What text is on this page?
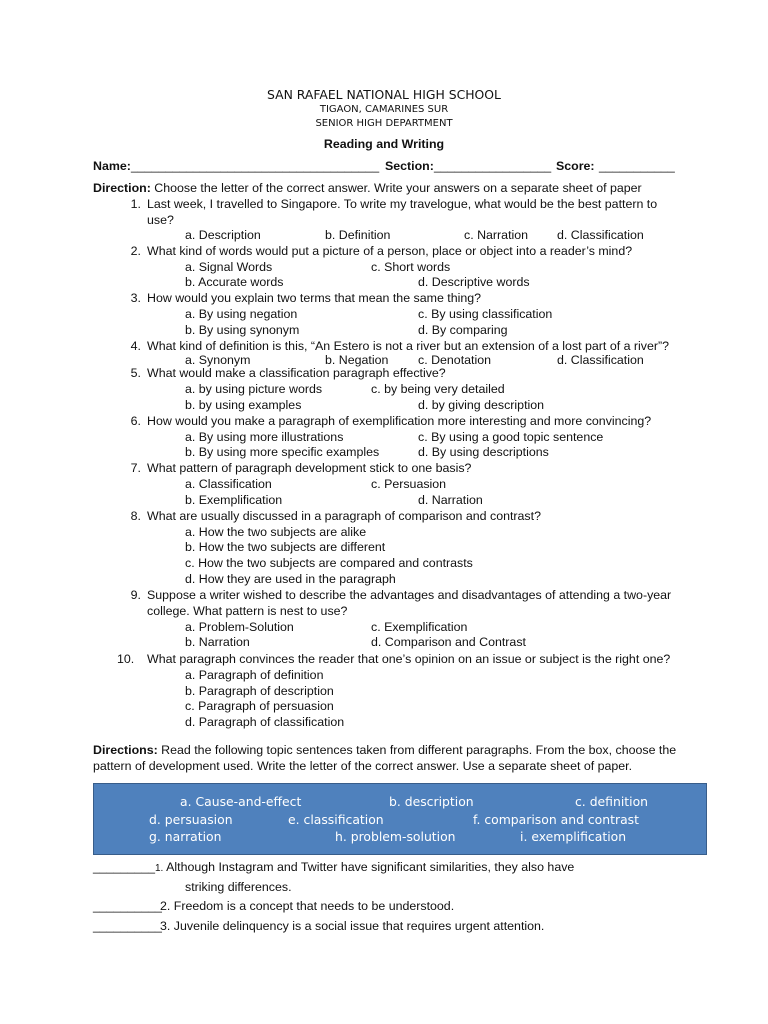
SAN RAFAEL NATIONAL HIGH SCHOOL
TIGAON, CAMARINES SUR
SENIOR HIGH DEPARTMENT
Reading and Writing
Name: ____________________________________ Section: _________________ Score: ___________
Direction: Choose the letter of the correct answer. Write your answers on a separate sheet of paper
1. Last week, I travelled to Singapore. To write my travelogue, what would be the best pattern to
use?
a. Description	b. Definition	c. Narration d. Classification
2. What kind of words would put a picture of a person, place or object into a reader’s mind?
a. Signal Words	c. Short words
b. Accurate words	d. Descriptive words
3. How would you explain two terms that mean the same thing?
a. By using negation	c. By using classification
b. By using synonym	d. By comparing
4. What kind of definition is this, “An Estero is not a river but an extension of a lost part of a river”?
a. Synonym	b. Negation c. Denotation	d. Classification
5. What would make a classification paragraph effective?
a. by using picture words	c. by being very detailed
b. by using examples	d. by giving description
6. How would you make a paragraph of exemplification more interesting and more convincing?
a. By using more illustrations	c. By using a good topic sentence
b. By using more specific examples	d. By using descriptions
7. What pattern of paragraph development stick to one basis?
a. Classification	c. Persuasion
b. Exemplification	d. Narration
8. What are usually discussed in a paragraph of comparison and contrast?
a. How the two subjects are alike
b. How the two subjects are different
c. How the two subjects are compared and contrasts
d. How they are used in the paragraph
9. Suppose a writer wished to describe the advantages and disadvantages of attending a two-year
college. What pattern is nest to use?
a. Problem-Solution	c. Exemplification
b. Narration	d. Comparison and Contrast
10.	What paragraph convinces the reader that one’s opinion on an issue or subject is the right one?
a. Paragraph of definition
b. Paragraph of description
c. Paragraph of persuasion
d. Paragraph of classification
Directions: Read the following topic sentences taken from different paragraphs. From the box, choose the
pattern of development used. Write the letter of the correct answer. Use a separate sheet of paper.
a. Cause-and-effect	b. description	c. definition
d. persuasion	e. classification	f. comparison and contrast
g. narration	h. problem-solution	i. exemplification
_________ 1. Although Instagram and Twitter have significant similarities, they also have
striking differences.
__________
2. Freedom is a concept that needs to be understood.
__________
3. Juvenile delinquency is a social issue that requires urgent attention.
